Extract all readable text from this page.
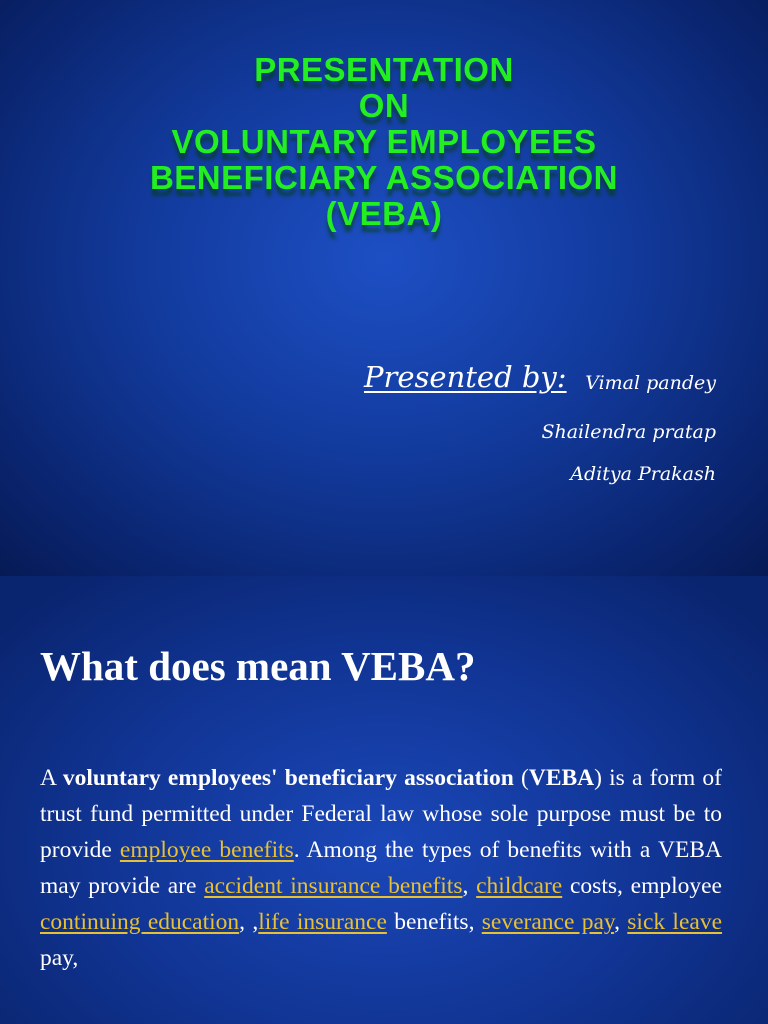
PRESENTATION
ON
VOLUNTARY EMPLOYEES
BENEFICIARY ASSOCIATION
(VEBA)
Presented by: Vimal pandey
Shailendra pratap
Aditya Prakash
What does mean VEBA?
A voluntary employees' beneficiary association (VEBA) is a form of trust fund permitted under Federal law whose sole purpose must be to provide employee benefits. Among the types of benefits with a VEBA may provide are accident insurance benefits, childcare costs, employee continuing education, ,life insurance benefits, severance pay, sick leave pay,
